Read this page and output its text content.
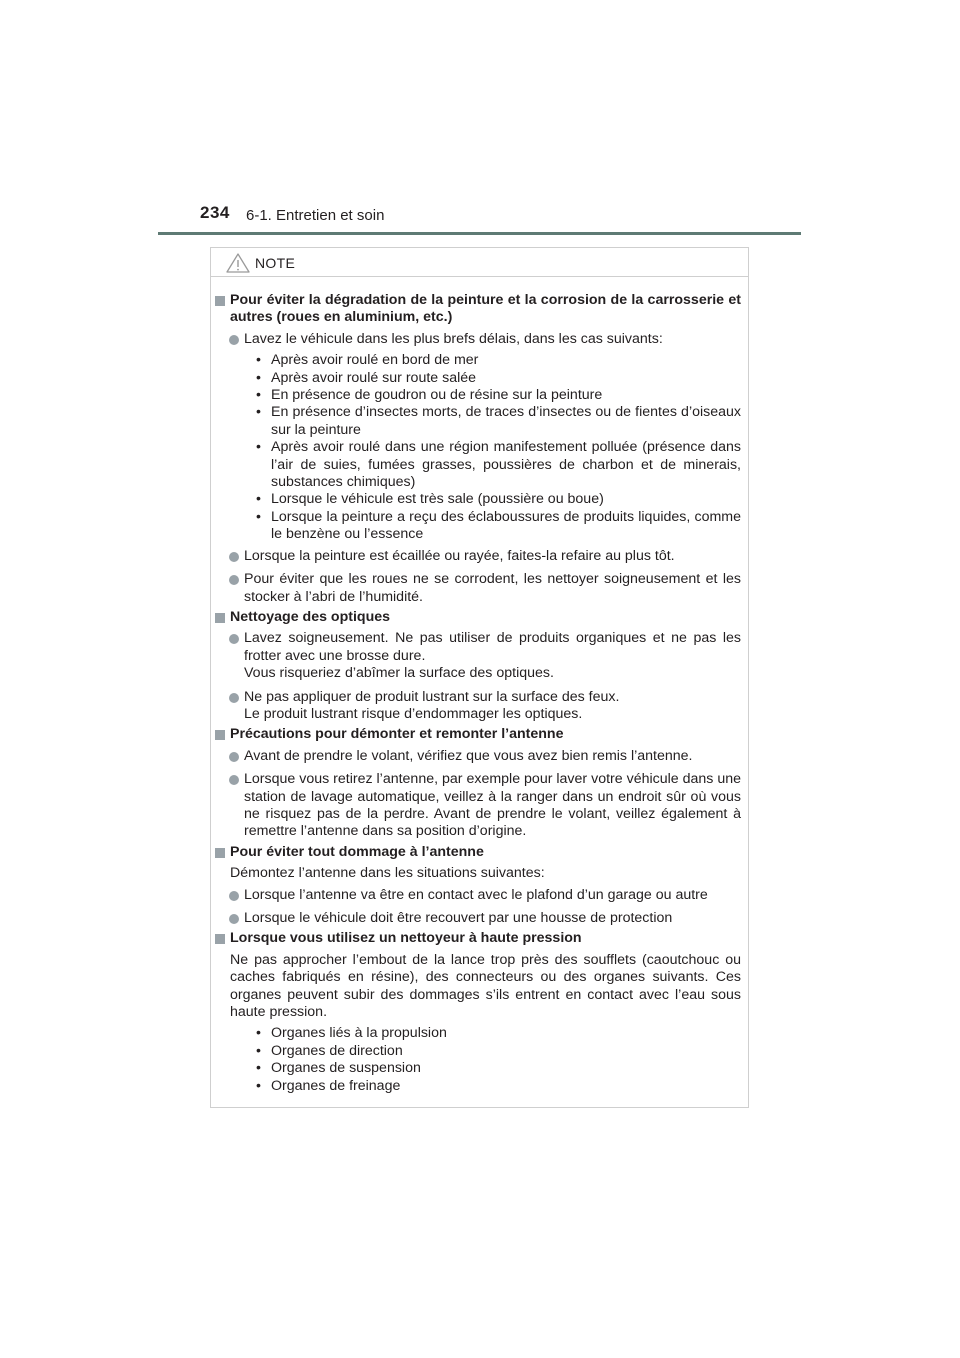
234 6-1. Entretien et soin
NOTE
Pour éviter la dégradation de la peinture et la corrosion de la carrosserie et autres (roues en aluminium, etc.)
Lavez le véhicule dans les plus brefs délais, dans les cas suivants:
• Après avoir roulé en bord de mer
• Après avoir roulé sur route salée
• En présence de goudron ou de résine sur la peinture
• En présence d’insectes morts, de traces d’insectes ou de fientes d’oiseaux sur la peinture
• Après avoir roulé dans une région manifestement polluée (présence dans l’air de suies, fumées grasses, poussières de charbon et de minerais, substances chimiques)
• Lorsque le véhicule est très sale (poussière ou boue)
• Lorsque la peinture a reçu des éclaboussures de produits liquides, comme le benzène ou l’essence
Lorsque la peinture est écaillée ou rayée, faites-la refaire au plus tôt.
Pour éviter que les roues ne se corrodent, les nettoyer soigneusement et les stocker à l’abri de l’humidité.
Nettoyage des optiques
Lavez soigneusement. Ne pas utiliser de produits organiques et ne pas les frotter avec une brosse dure.
Vous risqueriez d’abîmer la surface des optiques.
Ne pas appliquer de produit lustrant sur la surface des feux.
Le produit lustrant risque d’endommager les optiques.
Précautions pour démonter et remonter l’antenne
Avant de prendre le volant, vérifiez que vous avez bien remis l’antenne.
Lorsque vous retirez l’antenne, par exemple pour laver votre véhicule dans une station de lavage automatique, veillez à la ranger dans un endroit sûr où vous ne risquez pas de la perdre. Avant de prendre le volant, veillez également à remettre l’antenne dans sa position d’origine.
Pour éviter tout dommage à l’antenne
Démontez l’antenne dans les situations suivantes:
Lorsque l’antenne va être en contact avec le plafond d’un garage ou autre
Lorsque le véhicule doit être recouvert par une housse de protection
Lorsque vous utilisez un nettoyeur à haute pression
Ne pas approcher l’embout de la lance trop près des soufflets (caoutchouc ou caches fabriqués en résine), des connecteurs ou des organes suivants. Ces organes peuvent subir des dommages s’ils entrent en contact avec l’eau sous haute pression.
• Organes liés à la propulsion
• Organes de direction
• Organes de suspension
• Organes de freinage
